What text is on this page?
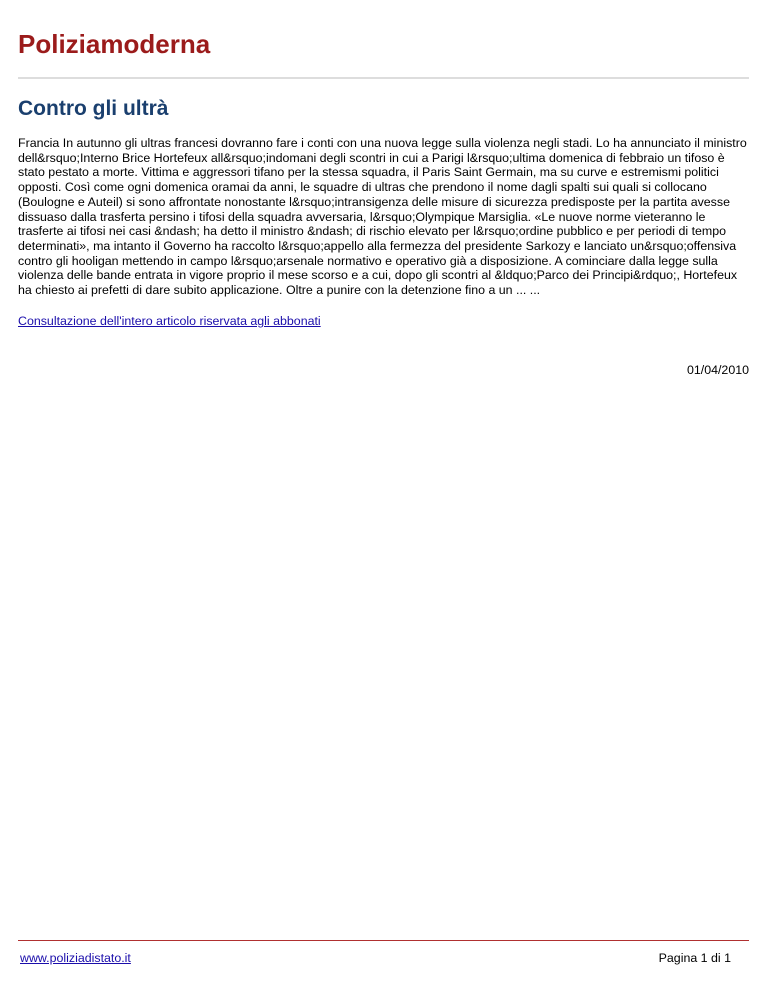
Poliziamoderna
Contro gli ultrà

Francia In autunno gli ultras francesi dovranno fare i conti con una nuova legge sulla violenza negli stadi. Lo ha annunciato il ministro dell&rsquo;Interno Brice Hortefeux all&rsquo;indomani degli scontri in cui a Parigi l&rsquo;ultima domenica di febbraio un tifoso è stato pestato a morte. Vittima e aggressori tifano per la stessa squadra, il Paris Saint Germain, ma su curve e estremismi politici opposti. Così come ogni domenica oramai da anni, le squadre di ultras che prendono il nome dagli spalti sui quali si collocano (Boulogne e Auteil) si sono affrontate nonostante l&rsquo;intransigenza delle misure di sicurezza predisposte per la partita avesse dissuaso dalla trasferta persino i tifosi della squadra avversaria, l&rsquo;Olympique Marsiglia. «Le nuove norme vieteranno le trasferte ai tifosi nei casi &ndash; ha detto il ministro &ndash; di rischio elevato per l&rsquo;ordine pubblico e per periodi di tempo determinati», ma intanto il Governo ha raccolto l&rsquo;appello alla fermezza del presidente Sarkozy e lanciato un&rsquo;offensiva contro gli hooligan mettendo in campo l&rsquo;arsenale normativo e operativo già a disposizione. A cominciare dalla legge sulla violenza delle bande entrata in vigore proprio il mese scorso e a cui, dopo gli scontri al &ldquo;Parco dei Principi&rdquo;, Hortefeux ha chiesto ai prefetti di dare subito applicazione. Oltre a punire con la detenzione fino a un ... ...

Consultazione dell'intero articolo riservata agli abbonati
01/04/2010
www.poliziadistato.it	Pagina 1 di 1
